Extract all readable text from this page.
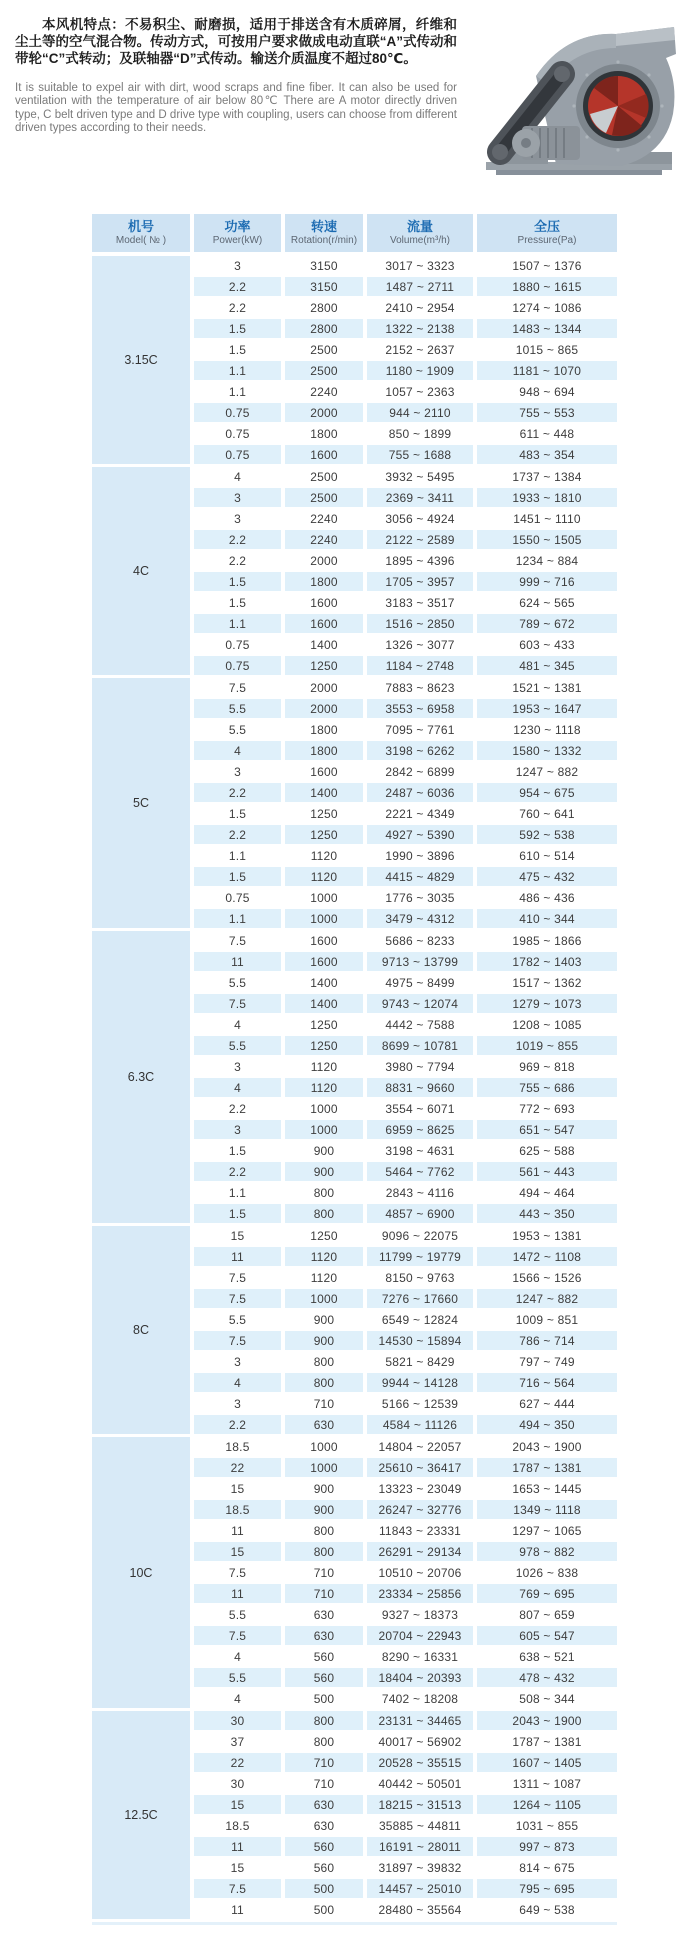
本风机特点：不易积尘、耐磨损，适用于排送含有木质碎屑，纤维和尘土等的空气混合物。传动方式，可按用户要求做成电动直联“A”式传动和带轮“C”式转动；及联轴器“D”式传动。输送介质温度不超过80℃。

It is suitable to expel air with dirt, wood scraps and fine fiber. It can also be used for ventilation with the temperature of air below 80℃ There are A motor directly driven type, C belt driven type and D drive type with coupling, users can choose from different driven types according to their needs.

机号
Model( № )
功率
Power(kW)
转速
Rotation(r/min)
流量
Volume(m³/h)
全压
Pressure(Pa)
3.15C
3	3150	3017 ~ 3323	1507 ~ 1376
2.2	3150	1487 ~ 2711	1880 ~ 1615
2.2	2800	2410 ~ 2954	1274 ~ 1086
1.5	2800	1322 ~ 2138	1483 ~ 1344
1.5	2500	2152 ~ 2637	1015 ~ 865
1.1	2500	1180 ~ 1909	1181 ~ 1070
1.1	2240	1057 ~ 2363	948 ~ 694
0.75	2000	944 ~ 2110	755 ~ 553
0.75	1800	850 ~ 1899	611 ~ 448
0.75	1600	755 ~ 1688	483 ~ 354
4C
4	2500	3932 ~ 5495	1737 ~ 1384
3	2500	2369 ~ 3411	1933 ~ 1810
3	2240	3056 ~ 4924	1451 ~ 1110
2.2	2240	2122 ~ 2589	1550 ~ 1505
2.2	2000	1895 ~ 4396	1234 ~ 884
1.5	1800	1705 ~ 3957	999 ~ 716
1.5	1600	3183 ~ 3517	624 ~ 565
1.1	1600	1516 ~ 2850	789 ~ 672
0.75	1400	1326 ~ 3077	603 ~ 433
0.75	1250	1184 ~ 2748	481 ~ 345
5C
7.5	2000	7883 ~ 8623	1521 ~ 1381
5.5	2000	3553 ~ 6958	1953 ~ 1647
5.5	1800	7095 ~ 7761	1230 ~ 1118
4	1800	3198 ~ 6262	1580 ~ 1332
3	1600	2842 ~ 6899	1247 ~ 882
2.2	1400	2487 ~ 6036	954 ~ 675
1.5	1250	2221 ~ 4349	760 ~ 641
2.2	1250	4927 ~ 5390	592 ~ 538
1.1	1120	1990 ~ 3896	610 ~ 514
1.5	1120	4415 ~ 4829	475 ~ 432
0.75	1000	1776 ~ 3035	486 ~ 436
1.1	1000	3479 ~ 4312	410 ~ 344
6.3C
7.5	1600	5686 ~ 8233	1985 ~ 1866
11	1600	9713 ~ 13799	1782 ~ 1403
5.5	1400	4975 ~ 8499	1517 ~ 1362
7.5	1400	9743 ~ 12074	1279 ~ 1073
4	1250	4442 ~ 7588	1208 ~ 1085
5.5	1250	8699 ~ 10781	1019 ~ 855
3	1120	3980 ~ 7794	969 ~ 818
4	1120	8831 ~ 9660	755 ~ 686
2.2	1000	3554 ~ 6071	772 ~ 693
3	1000	6959 ~ 8625	651 ~ 547
1.5	900	3198 ~ 4631	625 ~ 588
2.2	900	5464 ~ 7762	561 ~ 443
1.1	800	2843 ~ 4116	494 ~ 464
1.5	800	4857 ~ 6900	443 ~ 350
8C
15	1250	9096 ~ 22075	1953 ~ 1381
11	1120	11799 ~ 19779	1472 ~ 1108
7.5	1120	8150 ~ 9763	1566 ~ 1526
7.5	1000	7276 ~ 17660	1247 ~ 882
5.5	900	6549 ~ 12824	1009 ~ 851
7.5	900	14530 ~ 15894	786 ~ 714
3	800	5821 ~ 8429	797 ~ 749
4	800	9944 ~ 14128	716 ~ 564
3	710	5166 ~ 12539	627 ~ 444
2.2	630	4584 ~ 11126	494 ~ 350
10C
18.5	1000	14804 ~ 22057	2043 ~ 1900
22	1000	25610 ~ 36417	1787 ~ 1381
15	900	13323 ~ 23049	1653 ~ 1445
18.5	900	26247 ~ 32776	1349 ~ 1118
11	800	11843 ~ 23331	1297 ~ 1065
15	800	26291 ~ 29134	978 ~ 882
7.5	710	10510 ~ 20706	1026 ~ 838
11	710	23334 ~ 25856	769 ~ 695
5.5	630	9327 ~ 18373	807 ~ 659
7.5	630	20704 ~ 22943	605 ~ 547
4	560	8290 ~ 16331	638 ~ 521
5.5	560	18404 ~ 20393	478 ~ 432
4	500	7402 ~ 18208	508 ~ 344
12.5C
30	800	23131 ~ 34465	2043 ~ 1900
37	800	40017 ~ 56902	1787 ~ 1381
22	710	20528 ~ 35515	1607 ~ 1405
30	710	40442 ~ 50501	1311 ~ 1087
15	630	18215 ~ 31513	1264 ~ 1105
18.5	630	35885 ~ 44811	1031 ~ 855
11	560	16191 ~ 28011	997 ~ 873
15	560	31897 ~ 39832	814 ~ 675
7.5	500	14457 ~ 25010	795 ~ 695
11	500	28480 ~ 35564	649 ~ 538
